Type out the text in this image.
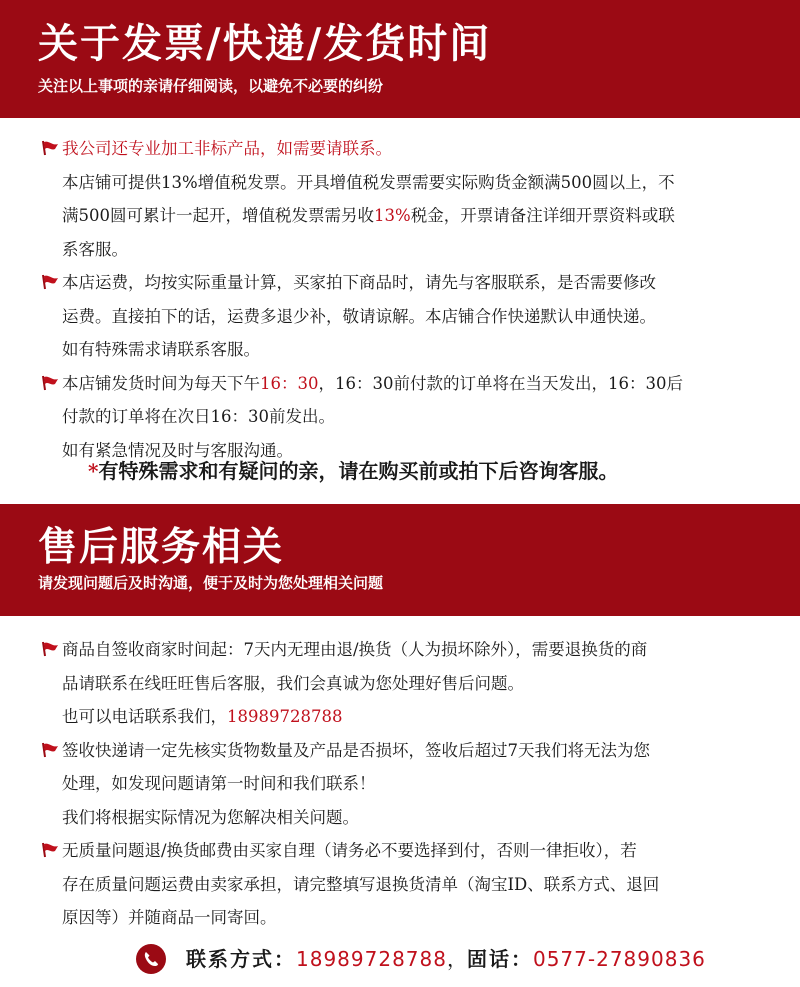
关于发票/快递/发货时间
关注以上事项的亲请仔细阅读，以避免不必要的纠纷
我公司还专业加工非标产品，如需要请联系。
本店铺可提供13%增值税发票。开具增值税发票需要实际购货金额满500圆以上，不
满500圆可累计一起开，增值税发票需另收13%税金，开票请备注详细开票资料或联
系客服。
本店运费，均按实际重量计算，买家拍下商品时，请先与客服联系，是否需要修改
运费。直接拍下的话，运费多退少补，敬请谅解。本店铺合作快递默认申通快递。
如有特殊需求请联系客服。
本店铺发货时间为每天下午16：30，16：30前付款的订单将在当天发出，16：30后
付款的订单将在次日16：30前发出。
如有紧急情况及时与客服沟通。
*有特殊需求和有疑问的亲，请在购买前或拍下后咨询客服。
售后服务相关
请发现问题后及时沟通，便于及时为您处理相关问题
商品自签收商家时间起：7天内无理由退/换货（人为损坏除外），需要退换货的商
品请联系在线旺旺售后客服，我们会真诚为您处理好售后问题。
也可以电话联系我们，18989728788
签收快递请一定先核实货物数量及产品是否损坏，签收后超过7天我们将无法为您
处理，如发现问题请第一时间和我们联系！
我们将根据实际情况为您解决相关问题。
无质量问题退/换货邮费由买家自理（请务必不要选择到付，否则一律拒收），若
存在质量问题运费由卖家承担，请完整填写退换货清单（淘宝ID、联系方式、退回
原因等）并随商品一同寄回。
联系方式：18989728788，固话：0577-27890836
